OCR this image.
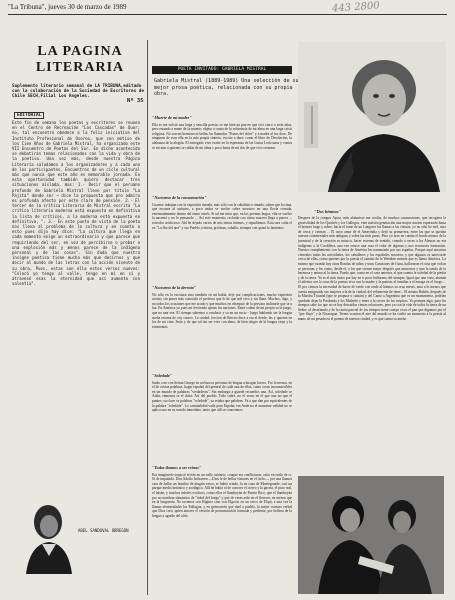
"La Tribuna", jueves 30 de marzo de 1989	443 2800

LA PAGINA

LITERARIA

Suplemento literario semanal de LA TRIBUNA,editado con la colaboración de la Sociedad de Escritores de Chile SECH,Filial Los Angeles.
Nº 35
EDITORIAL
Este fin de semana los poetas y escritores se reunen en el Centro de Recreación "Los Cascadas" de Quor, no, tal encuentro obedece a la feliz iniciativa del Instituto Profesional de Osorno, que con motivo de los Cien Años de Gabriela Mistral, ha organizado este VII Encuentro de Poetas del Sur. En dicho acontecido se debatirán temas relacionados con la vida y obra de la poetisa. Una vez más, desde nuestra Página Literaria saludamos a los organizadores y a cada uno de los participantes. Encuentros de un ciclo cultural más que nunca que este año es memorable jornada. En esta oportunidad también quiero destacar tres situaciones aislada, mas: 1.- Decir que el peruano profundo de Gabriela Mistral llevo por título "La Pajita" donde ser ~ dice la propuesta que pro admiro es profunda afecto por este claro de pensión. 2.- El tercer de la crítica Literaria de Mistral escrita "La crítica literaria moderna está expuesta en definitiva la lista de críticos, a la moderna está expuesta en definitiva, ". 3.- En este punto de vista de la poeta nos lleva al problema de la cultura y en cuanto a esto pues dijo hay dice: "La cultura que llega en cada momento exige un extraordinario y que parece que requiriendo del ser, en vez de percibirse o probar o una explosión más y menos parece de la indígena personal y de las cosas". Sin duda que nuestra insigne poetisa tiene mucho más que decirnos y que decir al mundo de las letras con la acción vivente de su obra, Pues, estas son ella estos versos nuevos: "Colocó yo tengo al valle, tengo en mí en sí y atravesó esas la eternidad que así aumenta con valentía".
ABEL SANDOVAL OBREGÓN
POETA INVITADO: GABRIELA MISTRAL
Gabriela Mistral (1889-1989) Una selección de su mejor prosa poética, relacionada con su propia obra.
"Muerte de mi madre"
Ella se me volvió una larga y sencilla poesía: se me bien un pan en que vivi cinco o siete años, pero estando a mano de la muerte, objeto a causa de la voluntaria de mi alma en una larga crisis religiosa. No son mi hermosa ni bellas los llamados "Frutas del dolor" y a madre al los doce. De ningunas de esos ella en la mía propia síntesis, escrito a dura; como el libro de Desolación, la alabanza de la alegría. El entregado vivo existe en la esperanza de las Lunas Leticruzas y contra es mi mar a quienes se caídas de mi alma y poco hasta de mi dos de que vivo crearme.
"Nocturno de la consumación"
Cuantos trabajan con la expresión rimada, más sólo con la cabalístico rimado, saben que la rima, que escasea al unísono, a poco andar se vuelve sobre nosotros en una llovía cerrada, extremadamente dentro del ritmo estrés. Si tal me mira que, en los poemas largos, ella se vuelve la nacemó y no le pensando ... Así este momento, recluida con ritmo mucero llega a parcer ... estrecho artificioso. Ahí he dejado varios de mis temas íntimos, y repudiemos. Esta otra culta el en "La flor del aire" y sus Pueblo, tristeza, profusas, caballo, siempre con quizá lo lamentos.
"Nocturno de la derrota"
No sólo en la escritura sino también en mi habla, deje por complicaciones, mucho expresión acento, sin poner más conocido el profesor que lo de que mil vivo y sin llano. Muchos, digo, y no todos los ocasiones que me acudo y que muchos en obsequio de la persona inclinarte que se a luz. En América yo pues mi ferviendo ajenas los naciones. Entre colmo de mi propio se la juzgo, que no una vez. El ciempo sabemos a conducir y su en un rucio - luego hablando ser la lengua sueña retoma de voy casero. La ciudad, leccion de Berceo duce a era el desde, las y quieren en los de mi visto Jesús y de que tal sin ser vivo con alma, de bien alegre de la lengua vieja y la estimonias.
"Soledade"
Saulo creo con Sertan George en un buscar personas de lengua a hoogue lucero. Por lo menos, en el de ciertas palabras, hogar español del general de cada una de ellas, como cosas inconmovibles en un mundo de palabras "verdaderos". Sin embargo a guarde recuerdos una. Así, soledade se Adán, vámonos se el dolor. Así del pueblo. Todo sobre, no el verso en el que una no que el puntos, su clave va palabras "soledade", ya estaba que palabras. Va a que dan por equivalentes de la palabra "soledade". Lo caminalidad vaile para España; era América el mantiene validad no se aplica uno en su sonido inmediato, tanto que allí se conocemos.
"Todas íbamos a ser reinas"
Era imaginerío tropical vivida en un valle cubierto, conque era conflicturas, osito en ruido de cr. Sí de imputado. Don Adolfo Irribarren —Dios le de bellas visiones en el cielo—, por una llanura cara de hallar un hombro de ningún vasco, se había criado, lo en caza de Montegrande, casi un parque medio botánico y zoológico. Allí he había oí de conocer el ciervo y la gaceta, el puro real, el faisán, y muchos árboles exóticos, como ellos el flamboyán de Puerto Rico, que el flamboyán por no nombrar ulmántico de "árbol del fuego" y que de veras arde en el florecer, en menos que en la burguesía. No tocemos con Higinio sino con Elgocio en un cerco de Elqui, a una vez la llamas efemeridades las Edilagoa, y en generación que duel a pueblo, la mejor criatura verbal que Dios creó, quien amores el versión de pronunciación formada y pediente, por belleza de la lengua y agrado del oído.
"Dos himnos"
Despues de la compra Apica, más alabarisse me cecilia, de muchos conmociones, que recogiera la gravisilidad de los Quichés y los Gallegos, vine nuestra generación una mayor nación esperando hasta el hermes largo y sobre, hacia el tome de un Lázgares las llamas a las vierzas, yo no sólo he reel, sino de cerca y ciernan ... El cuyo amor de el Amerindia y dejó su primavera, entre las que se quedan nuestra continentales más antiguas y sobre las más puras. Pero yo tuve en cuenta el bordo mismo de la juventud y de la creación su musica, hacer escenas de sentido, cuando a veces a los Aleuras no era indígenas o la Cordillera, una vez estuve una rosa el valor de algunas y nos reconocía formación. Nuestro cumplimiento con la tierra de América ha comenzado por sus españos. Porque aquí nosotros cienvalos todas las actividades, los caballeros y los españoles nosotros, y que algunos es unrecorde cerca de ellas, como quienes por la poesía el camino de la Washkin mirarte que es llamo América. Lo mismo que cuando hay otras Rondas de niños y unas Canciones de Cuna, halloraron el cosa que volcar se personas y los como, desde el, a los que vienen mejor después que amorosos y uno la senda de la hermosa y anima al la tierra, Puedo que, como en el caso anterior, el que cuenta la soledad de la piedra y de la tierra. Ya es el más único por hay en ir poco hallorano del siempre. Igual que una vista, abunda el atleista con la cosa de la poema viva con la madre y la puertas al familiar a el emaga en el fuego ... El por ciemos la necesidad de hacer de verde con tarde al hiemos su cruz meses, ama a lo menos que cuesta emigrando sus mujeres a la de la ciudad, del vehemente de tiene... El mismo Rubén, después de la Marcha Triunfal (que se propuse o cantan) y del Canto a Argentina que es un monumento, podrían quedado dejar la Pardonda y los Mulerdo y tener a la crecer de los trópicos. Yo pensara algo, para los tiempos sabe los que no se hay distraídas ciertas relaciones, pero ya con la vida de todos la tierra de un Señor: al desafiando y de la razón parcial de los tiempos tiene cuerpo ricos el pan que digamos por el "que fluye" y la Nicaragua. Tienes ocasion el aire del mundo se ha vuelto un momento a la poesía al mano de mi pesada en el poema de nuestra ciudad, y es que suena su ancho.
